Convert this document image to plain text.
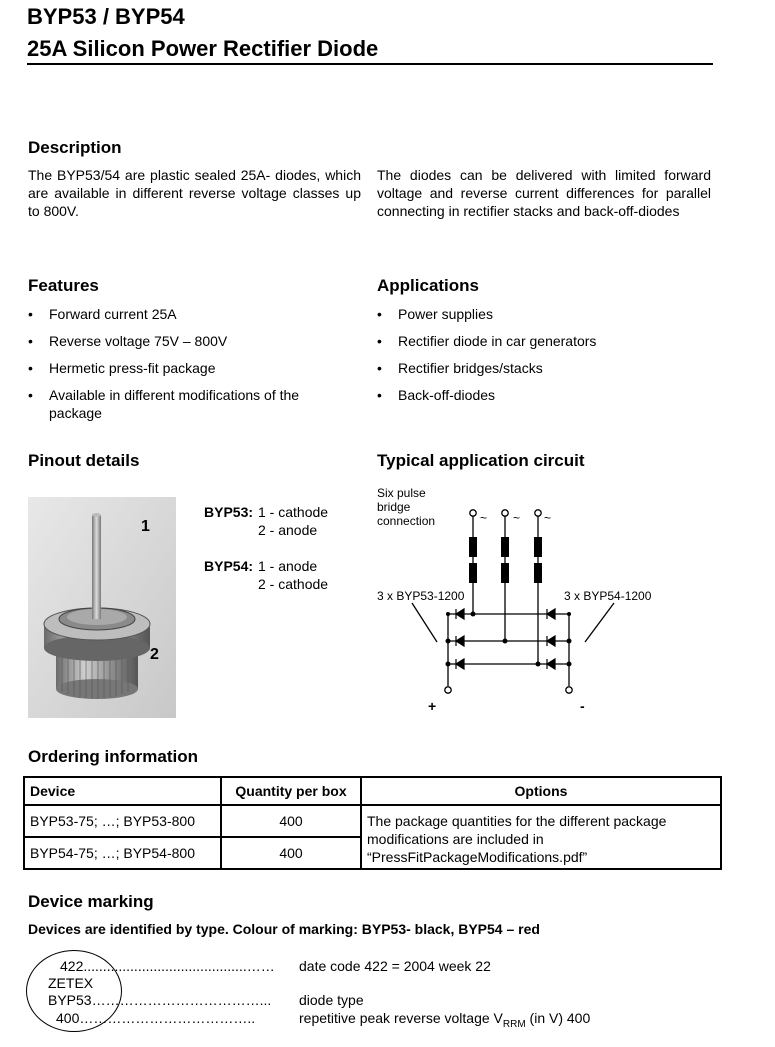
BYP53 / BYP54
25A Silicon Power Rectifier Diode
Description
The BYP53/54 are plastic sealed 25A- diodes, which are available in different reverse voltage classes up to 800V.
The diodes can be delivered with limited forward voltage and reverse current differences for parallel connecting in rectifier stacks and back-off-diodes
Features
• Forward current 25A
• Reverse voltage 75V – 800V
• Hermetic press-fit package
• Available in different modifications of the package
Applications
• Power supplies
• Rectifier diode in car generators
• Rectifier bridges/stacks
• Back-off-diodes
Pinout details
1
2
BYP53: 1 - cathode
2 - anode
BYP54: 1 - anode
2 - cathode
Typical application circuit
Six pulse
bridge
connection
3 x BYP53-1200	3 x BYP54-1200
+	-
~ ~ ~
Ordering information
Device	Quantity per box	Options
BYP53-75; …; BYP53-800	400	The package quantities for the different package modifications are included in “PressFitPackageModifications.pdf”
BYP54-75; …; BYP54-800	400	
Device marking
Devices are identified by type. Colour of marking: BYP53- black, BYP54 – red
422..........................................…… date code 422 = 2004 week 22
ZETEX
BYP53………………………………... diode type
400………………………………..	repetitive peak reverse voltage $V_{RRM}$ (in V) 400
